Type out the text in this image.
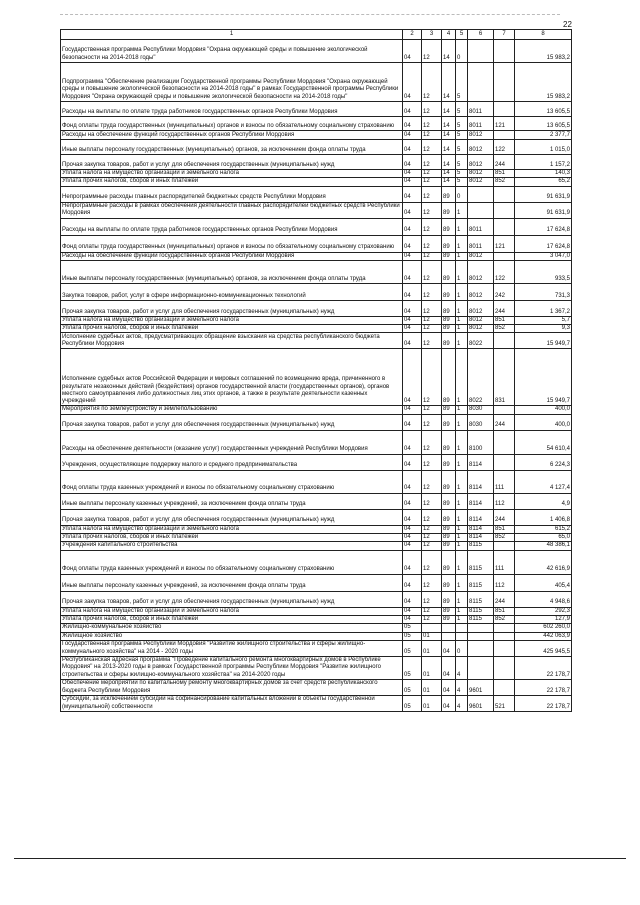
22
1	2	3	4	5	6	7	8
Государственная программа Республики Мордовия "Охрана окружающей среды и повышение экологической безопасности на 2014-2018 годы"	04	12	14	0			15 983,2
Подпрограмма "Обеспечение реализации Государственной программы Республики Мордовия "Охрана окружающей среды и повышение экологической безопасности на 2014-2018 годы" в рамках Государственной программы Республики Мордовия "Охрана окружающей среды и повышение экологической безопасности на 2014-2018 годы"	04	12	14	5			15 983,2
Расходы на выплаты по оплате труда работников государственных органов Республики Мордовия	04	12	14	5	8011		13 605,5
Фонд оплаты труда государственных (муниципальных) органов и взносы по обязательному социальному страхованию	04	12	14	5	8011	121	13 605,5
Расходы на обеспечение функций государственных органов Республики Мордовия	04	12	14	5	8012		2 377,7
Иные выплаты персоналу государственных (муниципальных) органов, за исключением фонда оплаты труда	04	12	14	5	8012	122	1 015,0
Прочая закупка товаров, работ и услуг для обеспечения государственных (муниципальных) нужд	04	12	14	5	8012	244	1 157,2
Уплата налога на имущество организаций и земельного налога	04	12	14	5	8012	851	140,3
Уплата прочих налогов, сборов и иных платежей	04	12	14	5	8012	852	65,2
Непрограммные расходы главных распорядителей бюджетных средств Республики Мордовия	04	12	89	0			91 631,9
Непрограммные расходы в рамках обеспечения деятельности главных распорядителей бюджетных средств Республики Мордовия	04	12	89	1			91 631,9
Расходы на выплаты по оплате труда работников государственных органов Республики Мордовия	04	12	89	1	8011		17 624,8
Фонд оплаты труда государственных (муниципальных) органов и взносы по обязательному социальному страхованию	04	12	89	1	8011	121	17 624,8
Расходы на обеспечение функций государственных органов Республики Мордовия	04	12	89	1	8012		3 047,0
Иные выплаты персоналу государственных (муниципальных) органов, за исключением фонда оплаты труда	04	12	89	1	8012	122	933,5
Закупка товаров, работ, услуг в сфере информационно-коммуникационных технологий	04	12	89	1	8012	242	731,3
Прочая закупка товаров, работ и услуг для обеспечения государственных (муниципальных) нужд	04	12	89	1	8012	244	1 367,2
Уплата налога на имущество организаций и земельного налога	04	12	89	1	8012	851	5,7
Уплата прочих налогов, сборов и иных платежей	04	12	89	1	8012	852	9,3
Исполнение судебных актов, предусматривающих обращение взыскания на средства республиканского бюджета Республики Мордовия	04	12	89	1	8022		15 949,7
Исполнение судебных актов Российской Федерации и мировых соглашений по возмещению вреда, причиненного в результате незаконных действий (бездействия) органов государственной власти (государственных органов), органов местного самоуправления либо должностных лиц этих органов, а также в результате деятельности казенных учреждений	04	12	89	1	8022	831	15 949,7
Мероприятия по землеустройству и землепользованию	04	12	89	1	8030		400,0
Прочая закупка товаров, работ и услуг для обеспечения государственных (муниципальных) нужд	04	12	89	1	8030	244	400,0
Расходы на обеспечение деятельности (оказание услуг) государственных учреждений Республики Мордовия	04	12	89	1	8100		54 610,4
Учреждения, осуществляющие поддержку малого и среднего предпринимательства	04	12	89	1	8114		6 224,3
Фонд оплаты труда казенных учреждений и взносы по обязательному социальному страхованию	04	12	89	1	8114	111	4 127,4
Иные выплаты персоналу казенных учреждений, за исключением фонда оплаты труда	04	12	89	1	8114	112	4,9
Прочая закупка товаров, работ и услуг для обеспечения государственных (муниципальных) нужд	04	12	89	1	8114	244	1 406,8
Уплата налога на имущество организаций и земельного налога	04	12	89	1	8114	851	615,2
Уплата прочих налогов, сборов и иных платежей	04	12	89	1	8114	852	65,0
Учреждения капитального строительства	04	12	89	1	8115		48 386,1
Фонд оплаты труда казенных учреждений и взносы по обязательному социальному страхованию	04	12	89	1	8115	111	42 616,9
Иные выплаты персоналу казенных учреждений, за исключением фонда оплаты труда	04	12	89	1	8115	112	405,4
Прочая закупка товаров, работ и услуг для обеспечения государственных (муниципальных) нужд	04	12	89	1	8115	244	4 948,6
Уплата налога на имущество организаций и земельного налога	04	12	89	1	8115	851	292,3
Уплата прочих налогов, сборов и иных платежей	04	12	89	1	8115	852	127,9
Жилищно-коммунальное хозяйство	05						602 260,0
Жилищное хозяйство	05	01					442 063,9
Государственная программа Республики Мордовия "Развитие жилищного строительства и сферы жилищно-коммунального хозяйства" на 2014 - 2020 годы	05	01	04	0			425 945,5
Республиканская адресная программа "Проведение капитального ремонта многоквартирных домов в Республике Мордовия" на 2013-2020 годы в рамках Государственной программы Республики Мордовия "Развитие жилищного строительства и сферы жилищно-коммунального хозяйства" на 2014-2020 годы	05	01	04	4			22 178,7
Обеспечение мероприятий по капитальному ремонту многоквартирных домов за счет средств республиканского бюджета Республики Мордовия	05	01	04	4	9601		22 178,7
Субсидии, за исключением субсидий на софинансирование капитальных вложений в объекты государственной (муниципальной) собственности	05	01	04	4	9601	521	22 178,7
